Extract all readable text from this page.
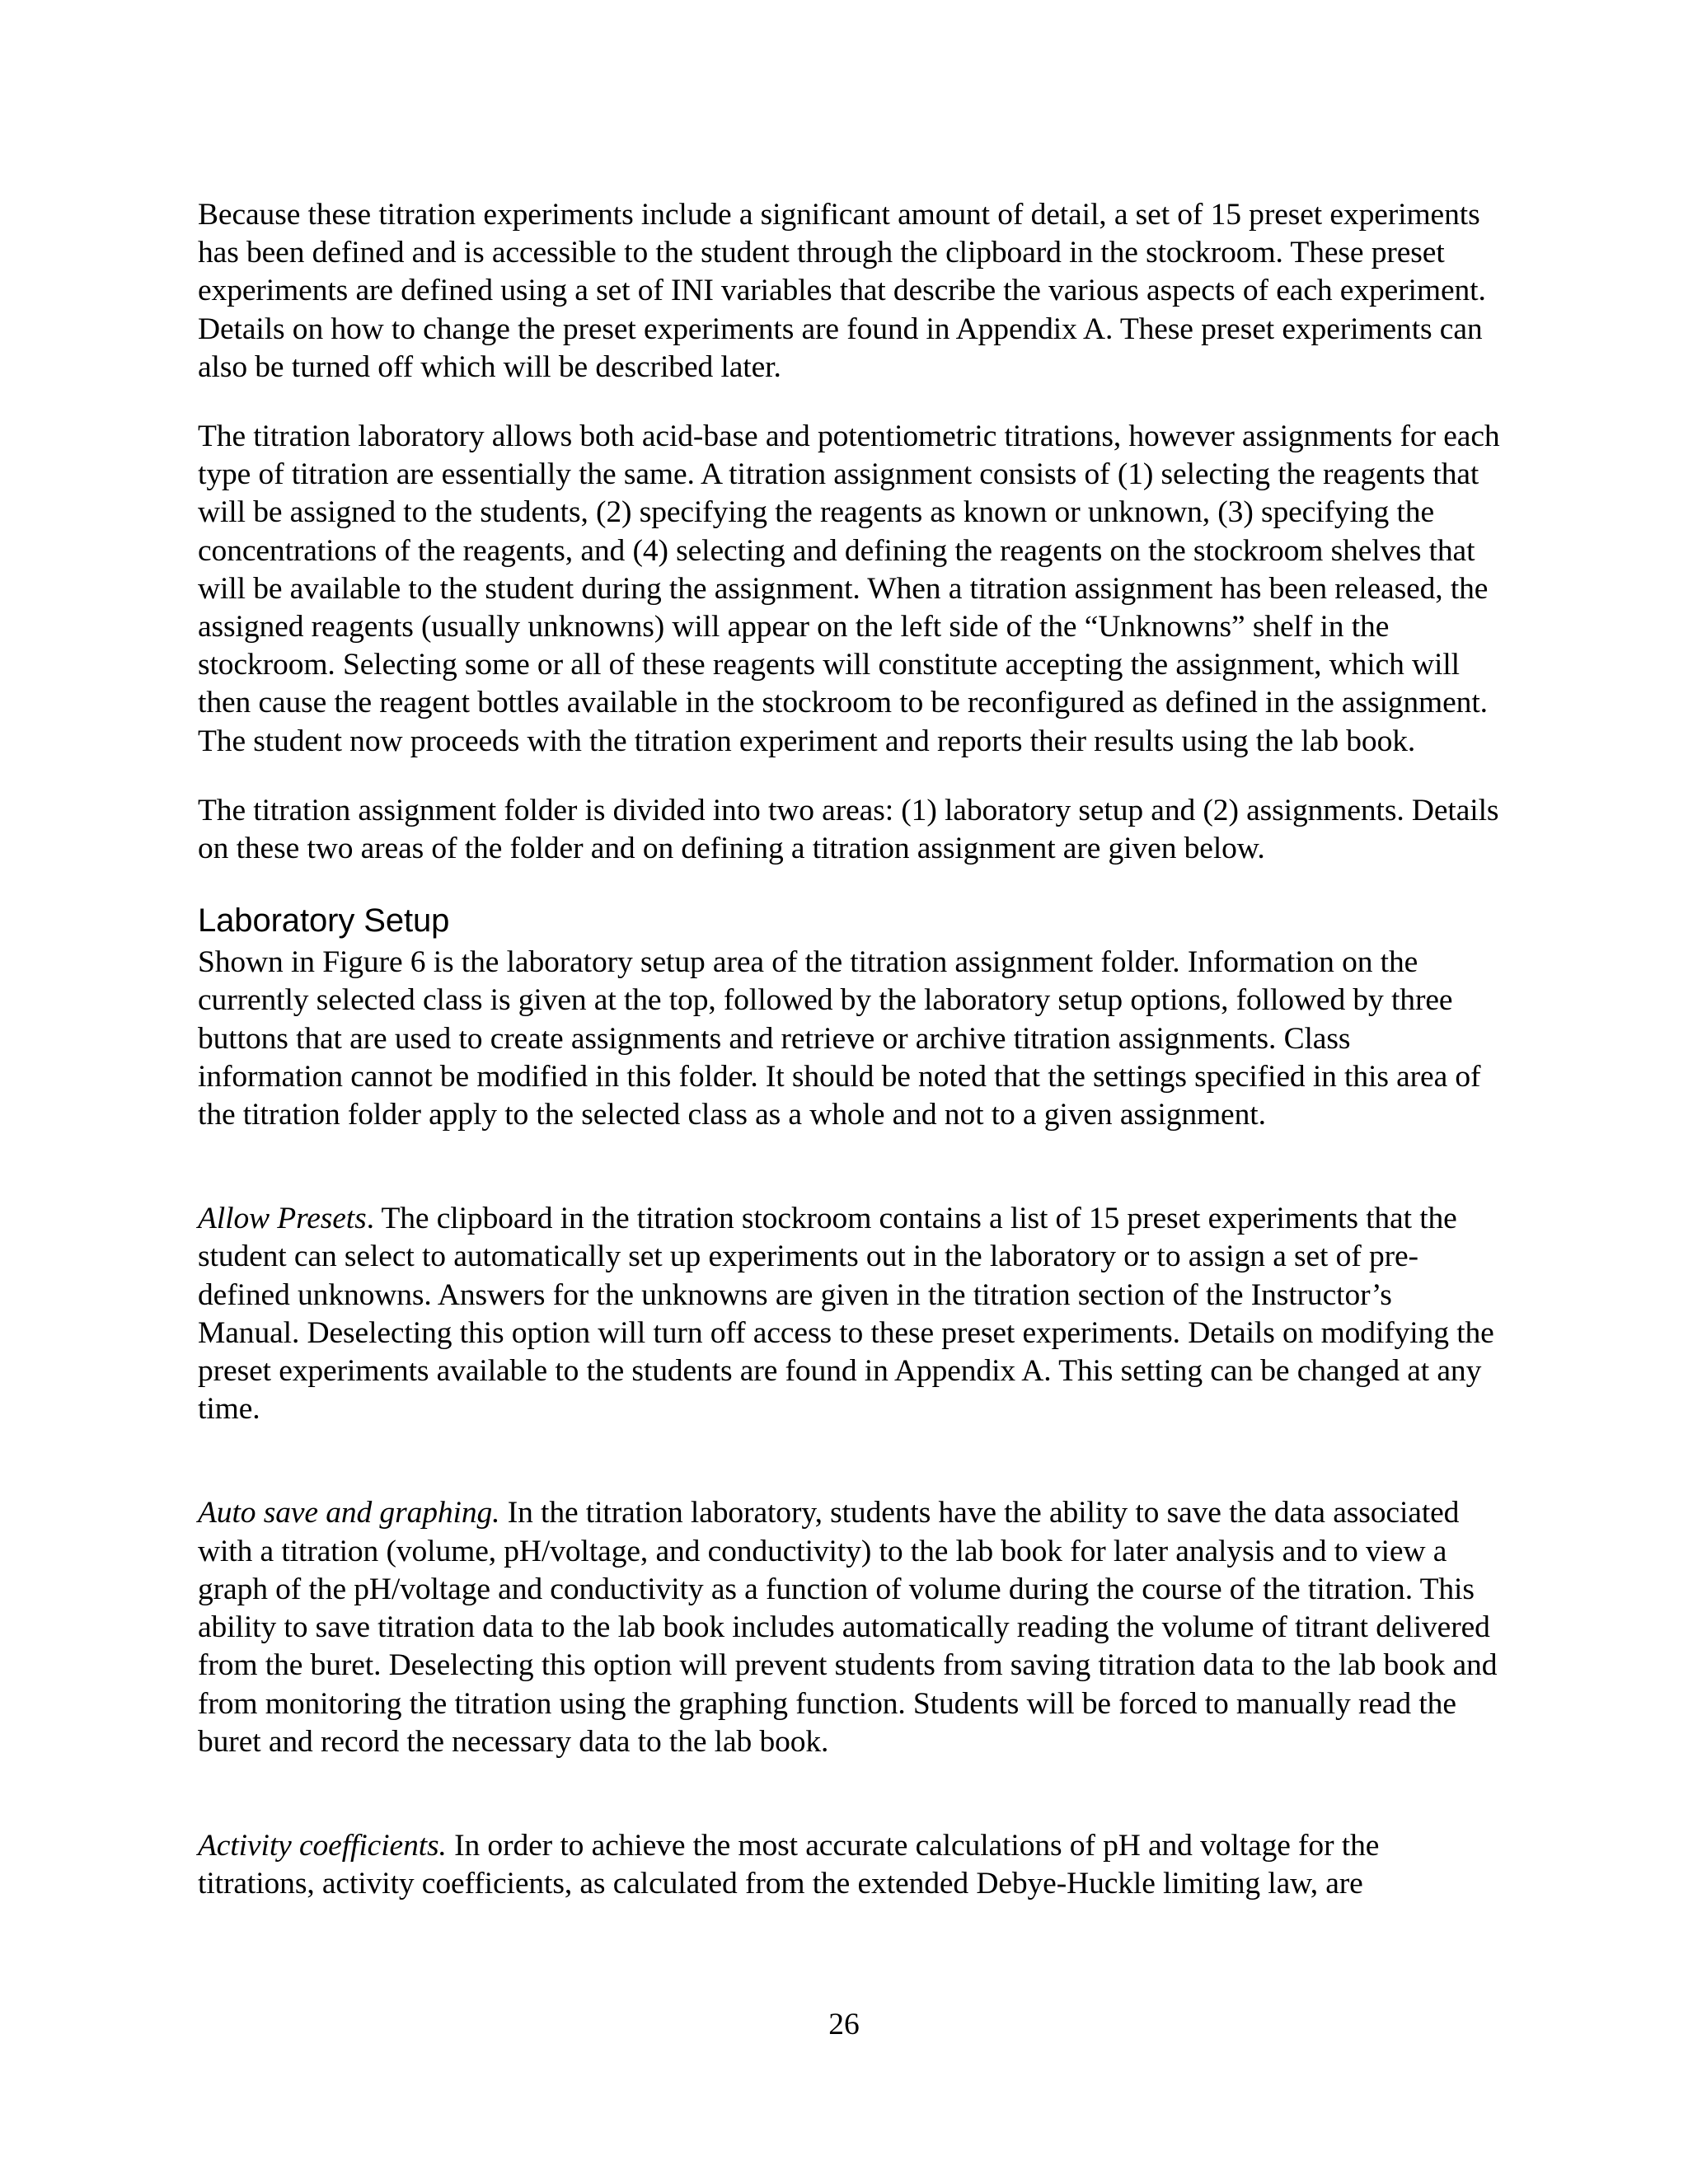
Because these titration experiments include a significant amount of detail, a set of 15 preset experiments has been defined and is accessible to the student through the clipboard in the stockroom. These preset experiments are defined using a set of INI variables that describe the various aspects of each experiment. Details on how to change the preset experiments are found in Appendix A. These preset experiments can also be turned off which will be described later.

The titration laboratory allows both acid-base and potentiometric titrations, however assignments for each type of titration are essentially the same. A titration assignment consists of (1) selecting the reagents that will be assigned to the students, (2) specifying the reagents as known or unknown, (3) specifying the concentrations of the reagents, and (4) selecting and defining the reagents on the stockroom shelves that will be available to the student during the assignment. When a titration assignment has been released, the assigned reagents (usually unknowns) will appear on the left side of the “Unknowns” shelf in the stockroom. Selecting some or all of these reagents will constitute accepting the assignment, which will then cause the reagent bottles available in the stockroom to be reconfigured as defined in the assignment. The student now proceeds with the titration experiment and reports their results using the lab book.

The titration assignment folder is divided into two areas: (1) laboratory setup and (2) assignments. Details on these two areas of the folder and on defining a titration assignment are given below.

Laboratory Setup

Shown in Figure 6 is the laboratory setup area of the titration assignment folder. Information on the currently selected class is given at the top, followed by the laboratory setup options, followed by three buttons that are used to create assignments and retrieve or archive titration assignments. Class information cannot be modified in this folder. It should be noted that the settings specified in this area of the titration folder apply to the selected class as a whole and not to a given assignment.

Allow Presets. The clipboard in the titration stockroom contains a list of 15 preset experiments that the student can select to automatically set up experiments out in the laboratory or to assign a set of pre-defined unknowns. Answers for the unknowns are given in the titration section of the Instructor’s Manual. Deselecting this option will turn off access to these preset experiments. Details on modifying the preset experiments available to the students are found in Appendix A. This setting can be changed at any time.

Auto save and graphing. In the titration laboratory, students have the ability to save the data associated with a titration (volume, pH/voltage, and conductivity) to the lab book for later analysis and to view a graph of the pH/voltage and conductivity as a function of volume during the course of the titration. This ability to save titration data to the lab book includes automatically reading the volume of titrant delivered from the buret. Deselecting this option will prevent students from saving titration data to the lab book and from monitoring the titration using the graphing function. Students will be forced to manually read the buret and record the necessary data to the lab book.

Activity coefficients. In order to achieve the most accurate calculations of pH and voltage for the titrations, activity coefficients, as calculated from the extended Debye-Huckle limiting law, are

26
